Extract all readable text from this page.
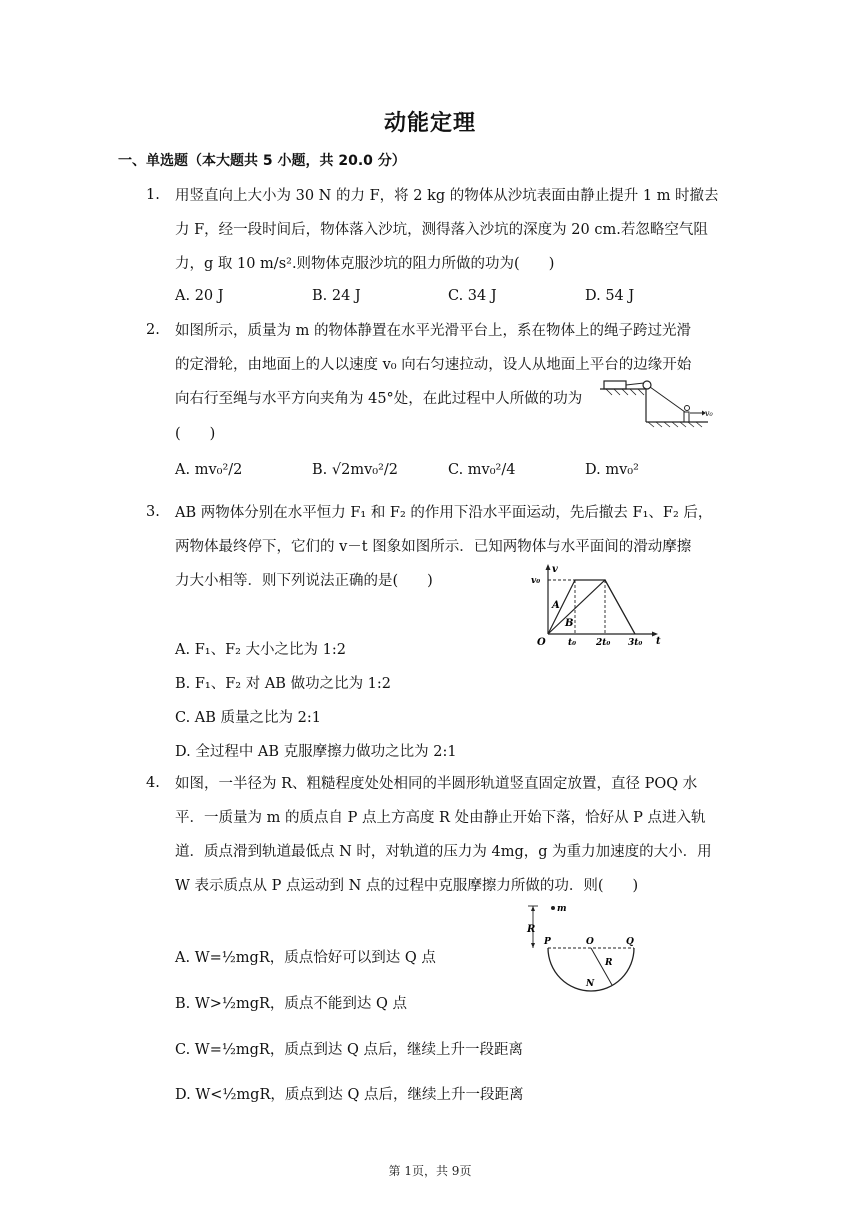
动能定理
一、单选题（本大题共 5 小题，共 20.0 分）
1. 用竖直向上大小为 30 N 的力 F，将 2 kg 的物体从沙坑表面由静止提升 1 m 时撤去
力 F，经一段时间后，物体落入沙坑，测得落入沙坑的深度为 20 cm.若忽略空气阻
力，g 取 10 m/s².则物体克服沙坑的阻力所做的功为(　　)
A. 20 J	B. 24 J	C. 34 J	D. 54 J
2. 如图所示，质量为 m 的物体静置在水平光滑平台上，系在物体上的绳子跨过光滑
的定滑轮，由地面上的人以速度 v₀ 向右匀速拉动，设人从地面上平台的边缘开始
向右行至绳与水平方向夹角为 45°处，在此过程中人所做的功为
(　　)
A. mv₀²/2	B. √2mv₀²/2	C. mv₀²/4	D. mv₀²
v₀
3. AB 两物体分别在水平恒力 F₁ 和 F₂ 的作用下沿水平面运动，先后撤去 F₁、F₂ 后，
两物体最终停下，它们的 v－t 图象如图所示．已知两物体与水平面间的滑动摩擦
力大小相等．则下列说法正确的是(　　)
A. F₁、F₂ 大小之比为 1:2
B. F₁、F₂ 对 AB 做功之比为 1:2
C. AB 质量之比为 2:1
D. 全过程中 AB 克服摩擦力做功之比为 2:1
v
t
O
v₀
A
B
t₀ 2t₀ 3t₀
4. 如图，一半径为 R、粗糙程度处处相同的半圆形轨道竖直固定放置，直径 POQ 水
平．一质量为 m 的质点自 P 点上方高度 R 处由静止开始下落，恰好从 P 点进入轨
道．质点滑到轨道最低点 N 时，对轨道的压力为 4mg，g 为重力加速度的大小．用
W 表示质点从 P 点运动到 N 点的过程中克服摩擦力所做的功．则(　　)
A. W=½mgR，质点恰好可以到达 Q 点
B. W>½mgR，质点不能到达 Q 点
C. W=½mgR，质点到达 Q 点后，继续上升一段距离
D. W<½mgR，质点到达 Q 点后，继续上升一段距离
m
R
P	O	Q
R
N
第 1页，共 9页
